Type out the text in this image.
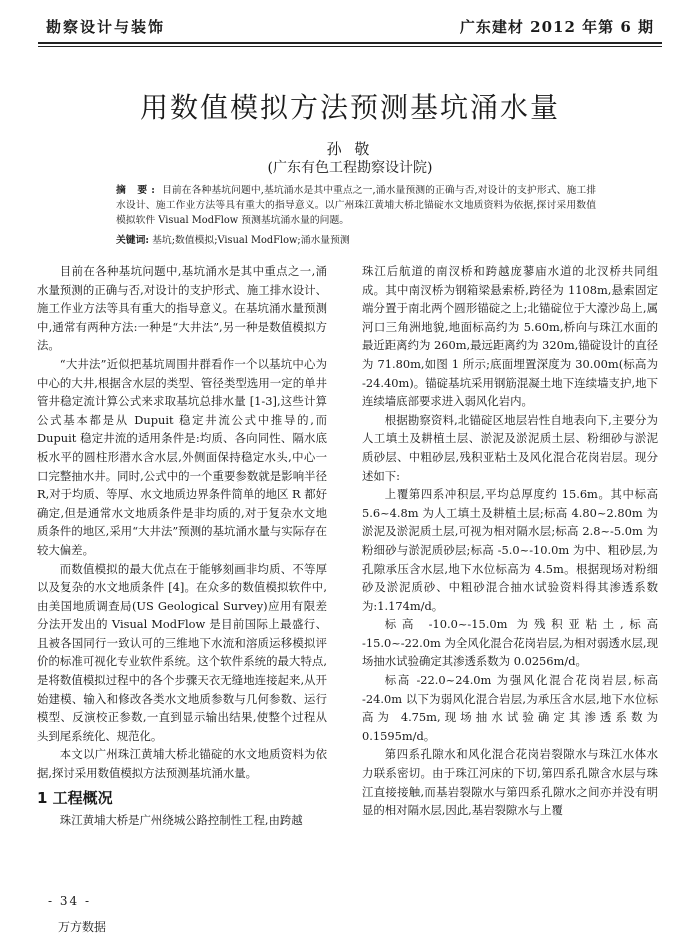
勘察设计与装饰	广东建材 2012 年第 6 期
用数值模拟方法预测基坑涌水量
孙 敬
(广东有色工程勘察设计院)
摘 要: 目前在各种基坑问题中,基坑涌水是其中重点之一,涌水量预测的正确与否,对设计的支护形式、施工排水设计、施工作业方法等具有重大的指导意义。以广州珠江黄埔大桥北锚碇水文地质资料为依据,探讨采用数值模拟软件 Visual ModFlow 预测基坑涌水量的问题。
关键词: 基坑;数值模拟;Visual ModFlow;涌水量预测

目前在各种基坑问题中,基坑涌水是其中重点之一,涌水量预测的正确与否,对设计的支护形式、施工排水设计、施工作业方法等具有重大的指导意义。在基坑涌水量预测中,通常有两种方法:一种是“大井法”,另一种是数值模拟方法。

“大井法”近似把基坑周围井群看作一个以基坑中心为中心的大井,根据含水层的类型、管径类型选用一定的单井管井稳定流计算公式来求取基坑总排水量 [1-3],这些计算公式基本都是从 Dupuit 稳定井流公式中推导的,而 Dupuit 稳定井流的适用条件是:均质、各向同性、隔水底板水平的圆柱形潜水含水层,外侧面保持稳定水头,中心一口完整抽水井。同时,公式中的一个重要参数就是影响半径 R,对于均质、等厚、水文地质边界条件简单的地区 R 都好确定,但是通常水文地质条件是非均质的,对于复杂水文地质条件的地区,采用“大井法”预测的基坑涌水量与实际存在较大偏差。

而数值模拟的最大优点在于能够刻画非均质、不等厚以及复杂的水文地质条件 [4]。在众多的数值模拟软件中,由美国地质调查局(US Geological Survey)应用有限差分法开发出的 Visual ModFlow 是目前国际上最盛行、且被各国同行一致认可的三维地下水流和溶质运移模拟评价的标准可视化专业软件系统。这个软件系统的最大特点,是将数值模拟过程中的各个步骤天衣无缝地连接起来,从开始建模、输入和修改各类水文地质参数与几何参数、运行模型、反演校正参数,一直到显示输出结果,使整个过程从头到尾系统化、规范化。

本文以广州珠江黄埔大桥北锚碇的水文地质资料为依据,探讨采用数值模拟方法预测基坑涌水量。

1 工程概况

珠江黄埔大桥是广州绕城公路控制性工程,由跨越

珠江后航道的南汊桥和跨越庞蓼庙水道的北汊桥共同组成。其中南汊桥为钢箱梁悬索桥,跨径为 1108m,悬索固定端分置于南北两个圆形锚碇之上;北锚碇位于大濠沙岛上,属河口三角洲地貌,地面标高约为 5.60m,桥向与珠江水面的最近距离约为 260m,最远距离约为 320m,锚碇设计的直径为 71.80m,如图 1 所示;底面埋置深度为 30.00m(标高为 -24.40m)。锚碇基坑采用钢筋混凝土地下连续墙支护,地下连续墙底部要求进入弱风化岩内。

根据勘察资料,北锚碇区地层岩性自地表向下,主要分为人工填土及耕植土层、淤泥及淤泥质土层、粉细砂与淤泥质砂层、中粗砂层,残积亚粘土及风化混合花岗岩层。现分述如下:

上覆第四系冲积层,平均总厚度约 15.6m。其中标高 5.6~4.8m 为人工填土及耕植土层;标高 4.80~2.80m 为淤泥及淤泥质土层,可视为相对隔水层;标高 2.8~-5.0m 为粉细砂与淤泥质砂层;标高 -5.0~-10.0m 为中、粗砂层,为孔隙承压含水层,地下水位标高为 4.5m。根据现场对粉细砂及淤泥质砂、中粗砂混合抽水试验资料得其渗透系数为:1.174m/d。

标高 -10.0~-15.0m 为残积亚粘土,标高 -15.0~-22.0m 为全风化混合花岗岩层,为相对弱透水层,现场抽水试验确定其渗透系数为 0.0256m/d。

标高 -22.0~24.0m 为强风化混合花岗岩层,标高 -24.0m 以下为弱风化混合岩层,为承压含水层,地下水位标高为 4.75m,现场抽水试验确定其渗透系数为 0.1595m/d。

第四系孔隙水和风化混合花岗岩裂隙水与珠江水体水力联系密切。由于珠江河床的下切,第四系孔隙含水层与珠江直接接触,而基岩裂隙水与第四系孔隙水之间亦并没有明显的相对隔水层,因此,基岩裂隙水与上覆

- 34 -
万方数据
